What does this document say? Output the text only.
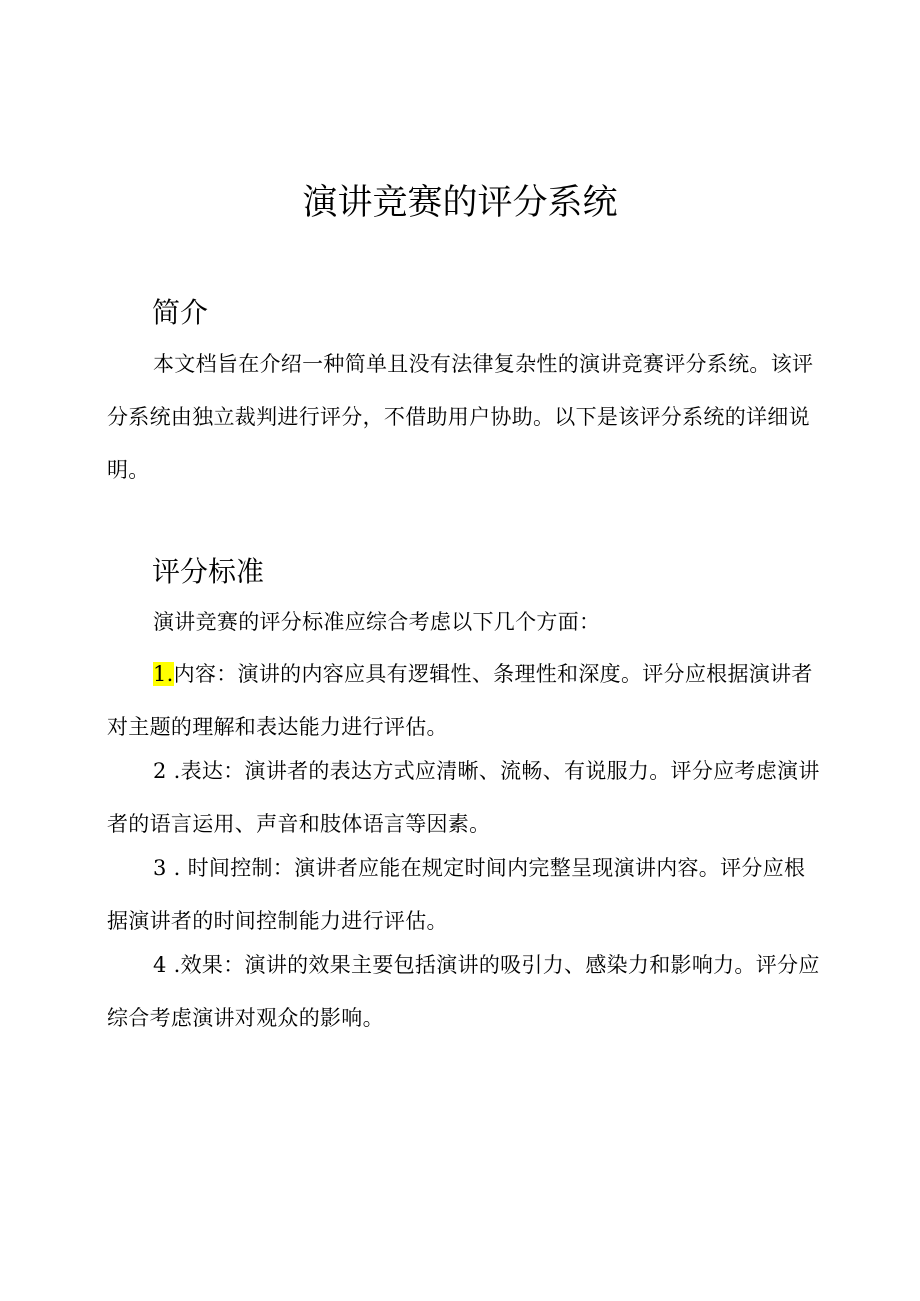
演讲竞赛的评分系统
简介

本文档旨在介绍一种简单且没有法律复杂性的演讲竞赛评分系统。该评分系统由独立裁判进行评分，不借助用户协助。以下是该评分系统的详细说明。

评分标准

演讲竞赛的评分标准应综合考虑以下几个方面：

1.内容：演讲的内容应具有逻辑性、条理性和深度。评分应根据演讲者对主题的理解和表达能力进行评估。

2 .表达：演讲者的表达方式应清晰、流畅、有说服力。评分应考虑演讲者的语言运用、声音和肢体语言等因素。

3 . 时间控制：演讲者应能在规定时间内完整呈现演讲内容。评分应根据演讲者的时间控制能力进行评估。

4 .效果：演讲的效果主要包括演讲的吸引力、感染力和影响力。评分应综合考虑演讲对观众的影响。
